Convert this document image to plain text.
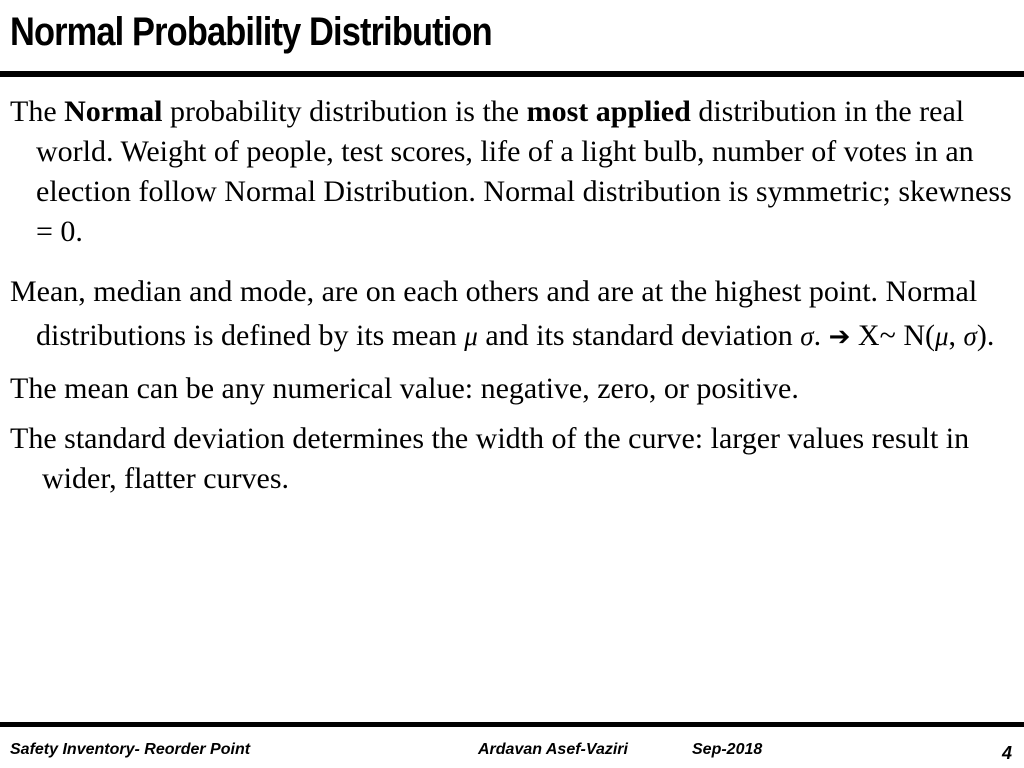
Normal Probability Distribution

The Normal probability distribution is the most applied distribution in the real world. Weight of people, test scores, life of a light bulb, number of votes in an election follow Normal Distribution. Normal distribution is symmetric; skewness = 0.

Mean, median and mode, are on each others and are at the highest point. Normal distributions is defined by its mean μ and its standard deviation σ. ➔ X~ N(μ, σ).

The mean can be any numerical value: negative, zero, or positive.

The standard deviation determines the width of the curve: larger values result in wider, flatter curves.

Safety Inventory- Reorder Point	Ardavan Asef-Vaziri	Sep-2018	4
